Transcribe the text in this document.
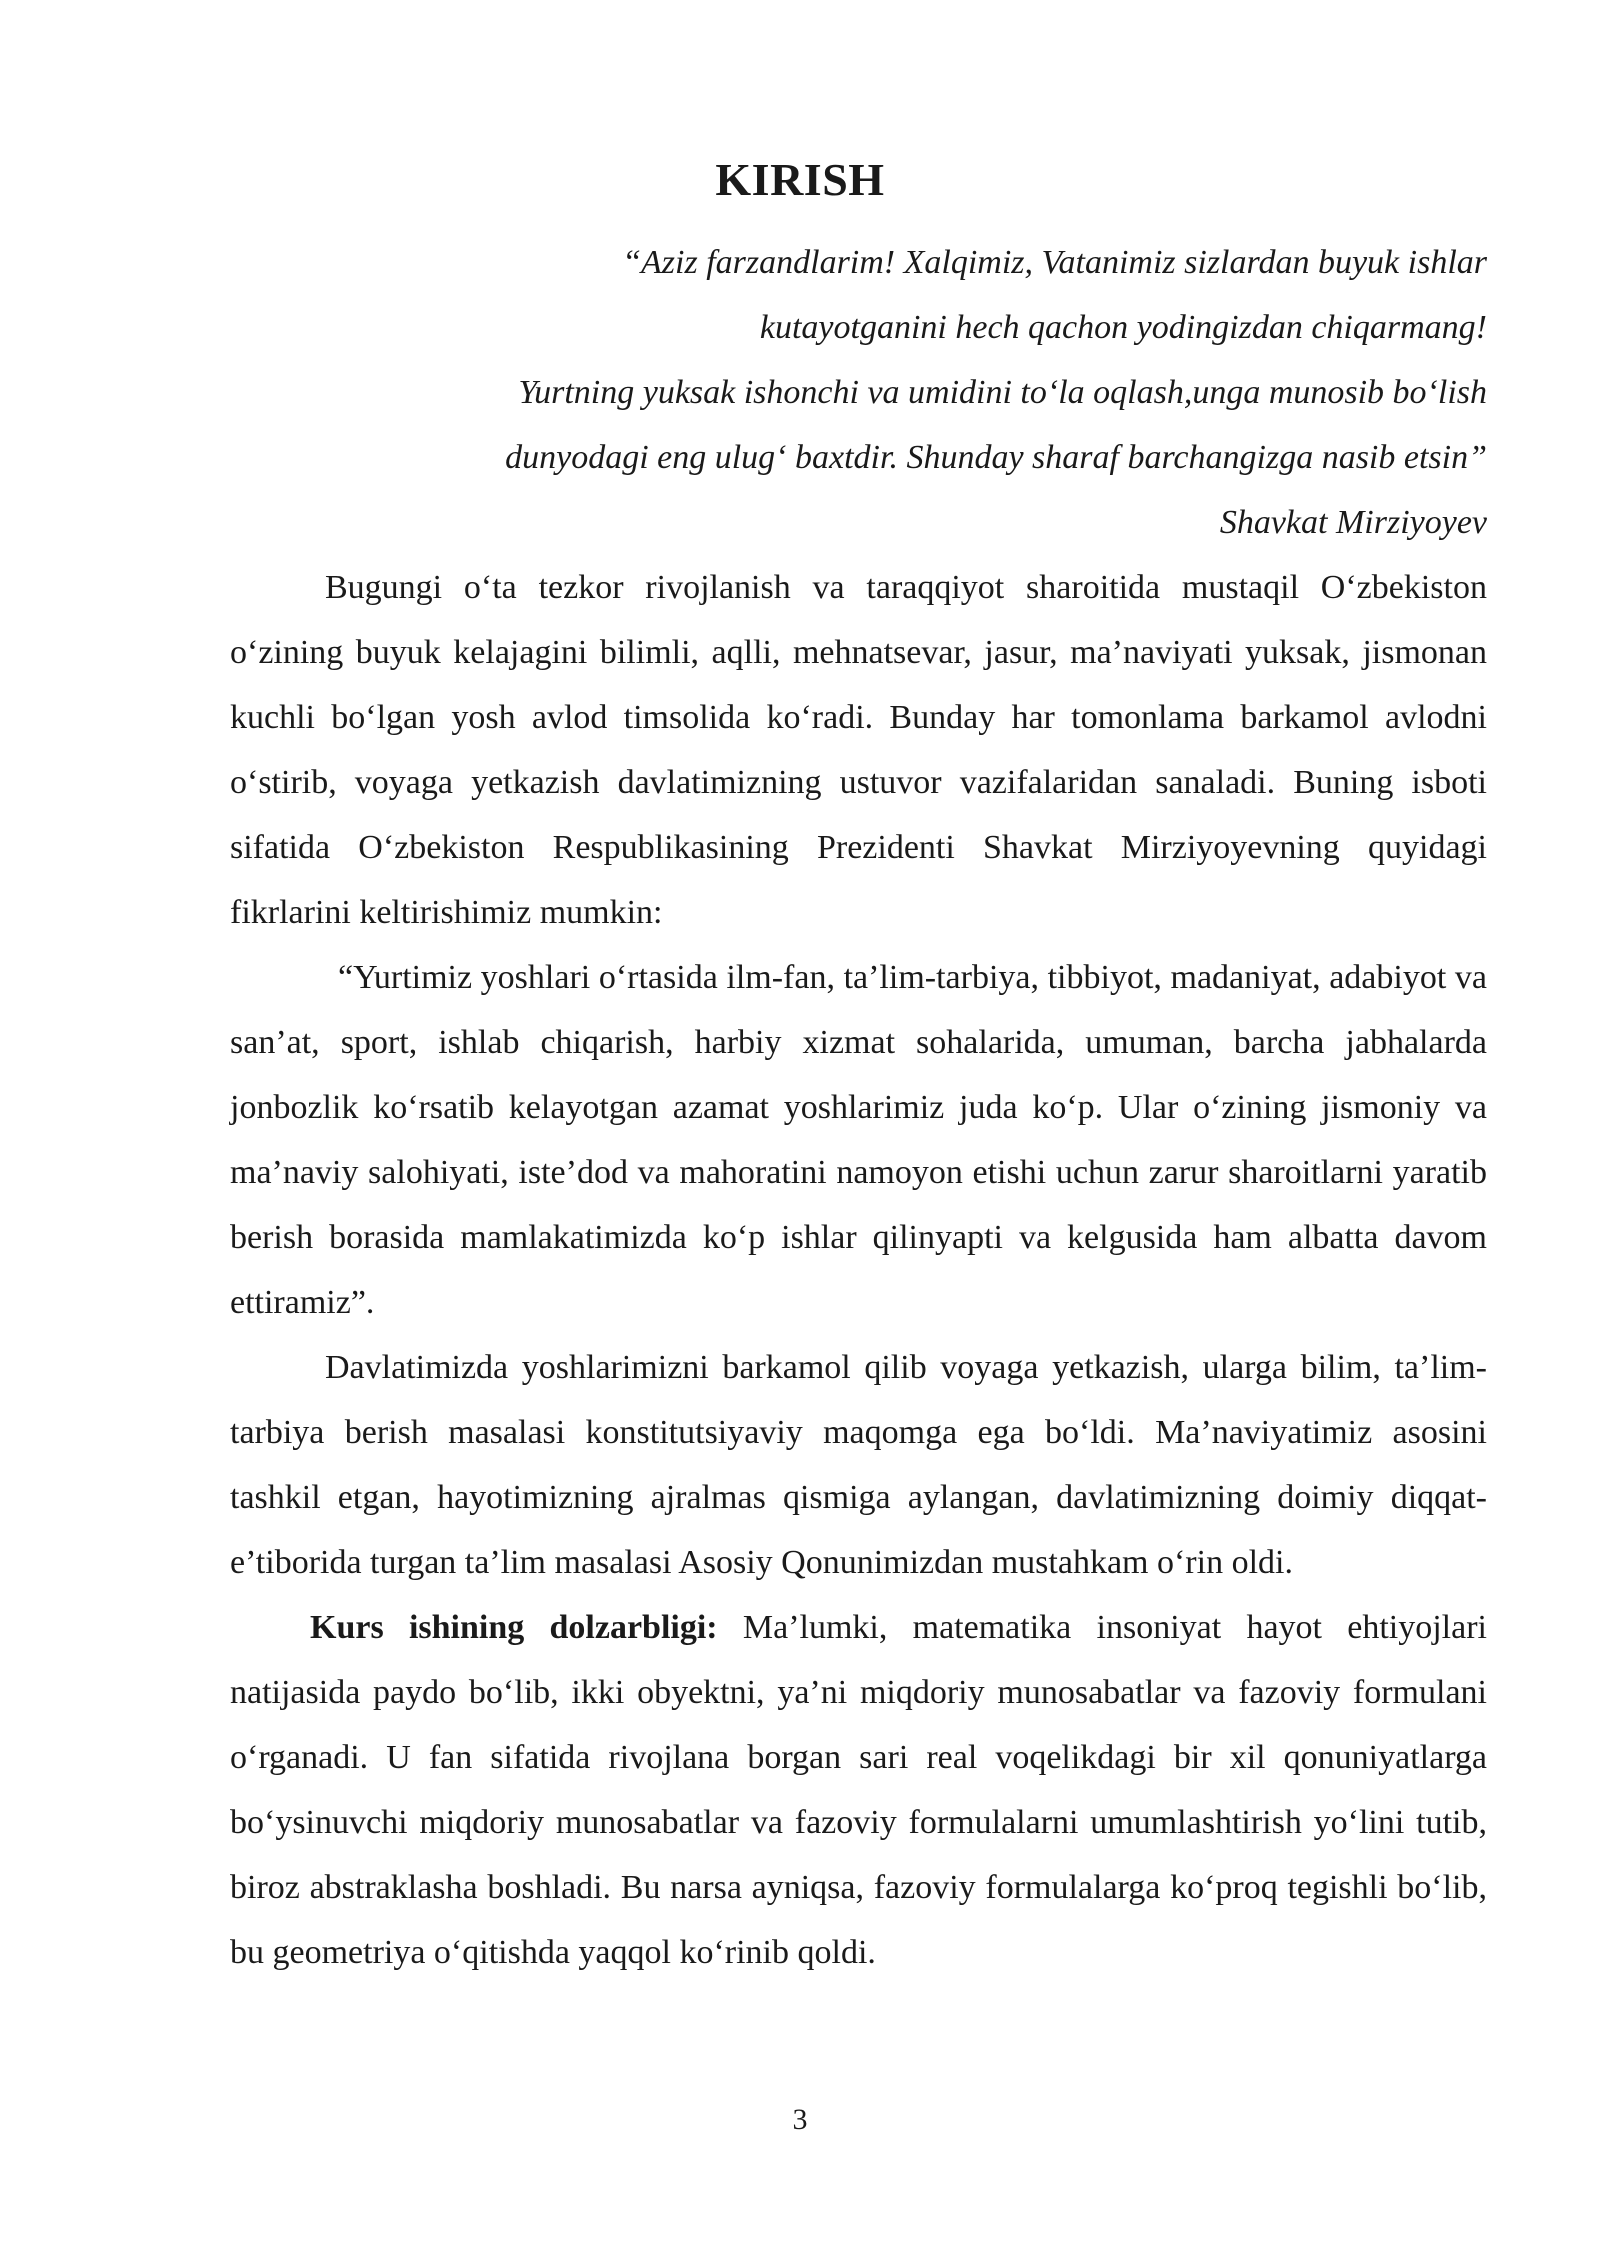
KIRISH
“Aziz farzandlarim! Xalqimiz, Vatanimiz sizlardan buyuk ishlar
kutayotganini hech qachon yodingizdan chiqarmang!
Yurtning yuksak ishonchi va umidini to‘la oqlash,unga munosib bo‘lish
dunyodagi eng ulug‘ baxtdir. Shunday sharaf barchangizga nasib etsin”
Shavkat Mirziyoyev

Bugungi o‘ta tezkor rivojlanish va taraqqiyot sharoitida mustaqil O‘zbekiston o‘zining buyuk kelajagini bilimli, aqlli, mehnatsevar, jasur, ma’naviyati yuksak, jismonan kuchli bo‘lgan yosh avlod timsolida ko‘radi. Bunday har tomonlama barkamol avlodni o‘stirib, voyaga yetkazish davlatimizning ustuvor vazifalaridan sanaladi. Buning isboti sifatida O‘zbekiston Respublikasining Prezidenti Shavkat Mirziyoyevning quyidagi fikrlarini keltirishimiz mumkin:

“Yurtimiz yoshlari o‘rtasida ilm-fan, ta’lim-tarbiya, tibbiyot, madaniyat, adabiyot va san’at, sport, ishlab chiqarish, harbiy xizmat sohalarida, umuman, barcha jabhalarda jonbozlik ko‘rsatib kelayotgan azamat yoshlarimiz juda ko‘p. Ular o‘zining jismoniy va ma’naviy salohiyati, iste’dod va mahoratini namoyon etishi uchun zarur sharoitlarni yaratib berish borasida mamlakatimizda ko‘p ishlar qilinyapti va kelgusida ham albatta davom ettiramiz”.

Davlatimizda yoshlarimizni barkamol qilib voyaga yetkazish, ularga bilim, ta’lim-tarbiya berish masalasi konstitutsiyaviy maqomga ega bo‘ldi. Ma’naviyatimiz asosini tashkil etgan, hayotimizning ajralmas qismiga aylangan, davlatimizning doimiy diqqat-e’tiborida turgan ta’lim masalasi Asosiy Qonunimizdan mustahkam o‘rin oldi.

Kurs ishining dolzarbligi: Ma’lumki, matematika insoniyat hayot ehtiyojlari natijasida paydo bo‘lib, ikki obyektni, ya’ni miqdoriy munosabatlar va fazoviy formulani o‘rganadi. U fan sifatida rivojlana borgan sari real voqelikdagi bir xil qonuniyatlarga bo‘ysinuvchi miqdoriy munosabatlar va fazoviy formulalarni umumlashtirish yo‘lini tutib, biroz abstraklasha boshladi. Bu narsa ayniqsa, fazoviy formulalarga ko‘proq tegishli bo‘lib, bu geometriya o‘qitishda yaqqol ko‘rinib qoldi.

3
